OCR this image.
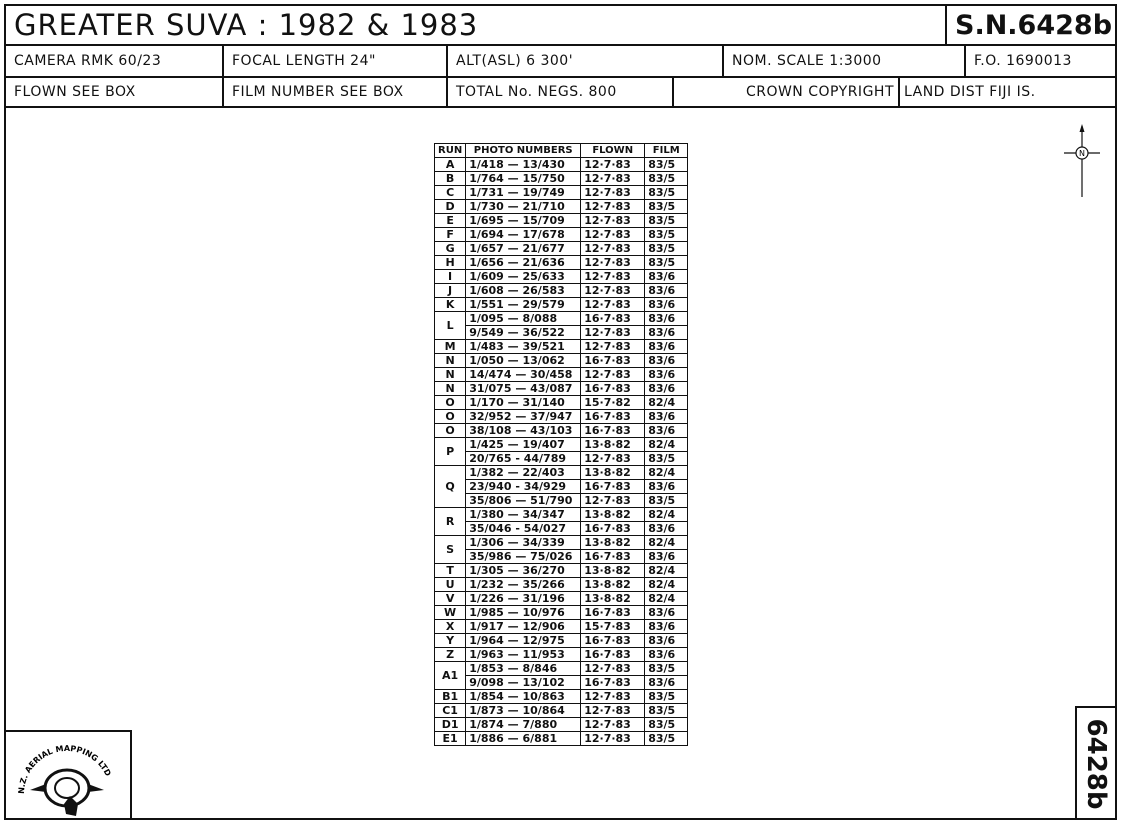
GREATER SUVA : 1982 & 1983	S.N.6428b
CAMERA RMK 60/23	FOCAL LENGTH 24"	ALT(ASL) 6 300'	NOM. SCALE 1:3000	F.O. 1690013
FLOWN SEE BOX	FILM NUMBER SEE BOX	TOTAL No. NEGS. 800	CROWN COPYRIGHT LAND DIST FIJI IS.
RUN	PHOTO NUMBERS	FLOWN	FILM
A	1/418 — 13/430	12·7·83	83/5
B	1/764 — 15/750	12·7·83	83/5
C	1/731 — 19/749	12·7·83	83/5
D	1/730 — 21/710	12·7·83	83/5
E	1/695 — 15/709	12·7·83	83/5
F	1/694 — 17/678	12·7·83	83/5
G	1/657 — 21/677	12·7·83	83/5
H	1/656 — 21/636	12·7·83	83/5
I	1/609 — 25/633	12·7·83	83/6
J	1/608 — 26/583	12·7·83	83/6
K	1/551 — 29/579	12·7·83	83/6
L	1/095 — 8/088	16·7·83	83/6
	9/549 — 36/522	12·7·83	83/6
M	1/483 — 39/521	12·7·83	83/6
N	1/050 — 13/062	16·7·83	83/6
N	14/474 — 30/458	12·7·83	83/6
N	31/075 — 43/087	16·7·83	83/6
O	1/170 — 31/140	15·7·82	82/4
O	32/952 — 37/947	16·7·83	83/6
O	38/108 — 43/103	16·7·83	83/6
P	1/425 — 19/407	13·8·82	82/4
	20/765 - 44/789	12·7·83	83/5
Q	1/382 — 22/403	13·8·82	82/4
	23/940 - 34/929	16·7·83	83/6
	35/806 — 51/790	12·7·83	83/5
R	1/380 — 34/347	13·8·82	82/4
	35/046 - 54/027	16·7·83	83/6
S	1/306 — 34/339	13·8·82	82/4
	35/986 — 75/026	16·7·83	83/6
T	1/305 — 36/270	13·8·82	82/4
U	1/232 — 35/266	13·8·82	82/4
V	1/226 — 31/196	13·8·82	82/4
W	1/985 — 10/976	16·7·83	83/6
X	1/917 — 12/906	15·7·83	83/6
Y	1/964 — 12/975	16·7·83	83/6
Z	1/963 — 11/953	16·7·83	83/6
A1	1/853 — 8/846	12·7·83	83/5
	9/098 — 13/102	16·7·83	83/6
B1	1/854 — 10/863	12·7·83	83/5
C1	1/873 — 10/864	12·7·83	83/5
D1	1/874 — 7/880	12·7·83	83/5
E1	1/886 — 6/881	12·7·83	83/5
N
N.Z. AERIAL MAPPING LTD	6428b
